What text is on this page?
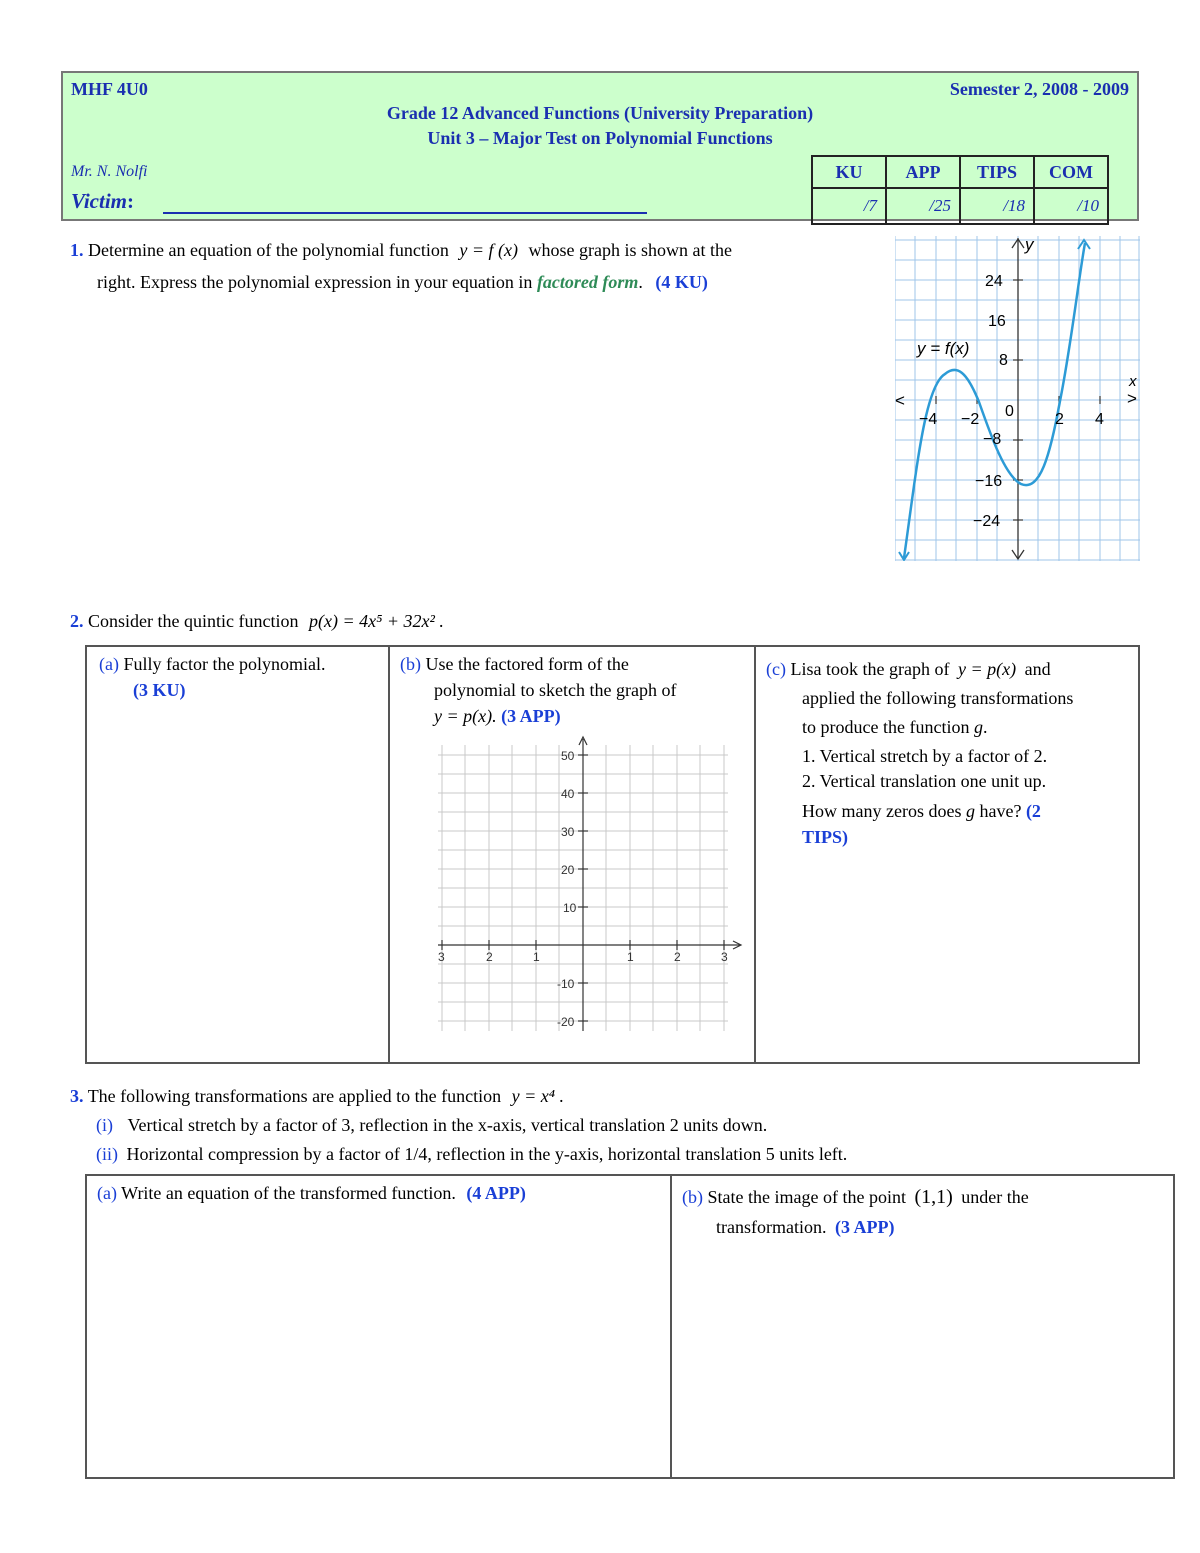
MHF 4U0	Semester 2, 2008 - 2009
Grade 12 Advanced Functions (University Preparation)
Unit 3 – Major Test on Polynomial Functions
Mr. N. Nolfi
Victim:
KU	APP	TIPS	COM
/7	/25	/18	/10
1. Determine an equation of the polynomial function y = f (x) whose graph is shown at the
right. Express the polynomial expression in your equation in factored form. (4 KU)
y
x
<	>
y = f(x)
24
16
8
0
−8
−16
−24
−4 −2	2 4
2. Consider the quintic function p(x) = 4x⁵ + 32x² .
(a) Fully factor the polynomial.
(3 KU)
(b) Use the factored form of the
polynomial to sketch the graph of
y = p(x). (3 APP)
50
40
30
20
10
-10
-20
3	2	1	1	2	3
(c) Lisa took the graph of y = p(x) and
applied the following transformations
to produce the function g.
1. Vertical stretch by a factor of 2.
2. Vertical translation one unit up.
How many zeros does g have? (2
TIPS)
3. The following transformations are applied to the function y = x⁴ .
(i) Vertical stretch by a factor of 3, reflection in the x-axis, vertical translation 2 units down.
(ii) Horizontal compression by a factor of 1/4, reflection in the y-axis, horizontal translation 5 units left.
(a) Write an equation of the transformed function. (4 APP)	(b) State the image of the point (1,1) under the
transformation. (3 APP)
